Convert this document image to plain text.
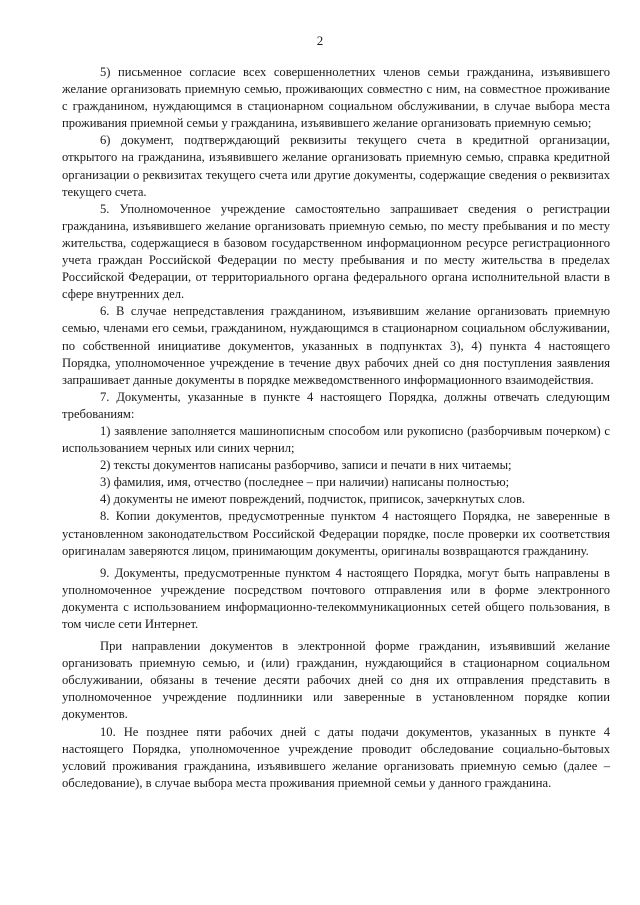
2

5) письменное согласие всех совершеннолетних членов семьи гражданина, изъявившего желание организовать приемную семью, проживающих совместно с ним, на совместное проживание с гражданином, нуждающимся в стационарном социальном обслуживании, в случае выбора места проживания приемной семьи у гражданина, изъявившего желание организовать приемную семью;

6) документ, подтверждающий реквизиты текущего счета в кредитной организации, открытого на гражданина, изъявившего желание организовать приемную семью, справка кредитной организации о реквизитах текущего счета или другие документы, содержащие сведения о реквизитах текущего счета.

5. Уполномоченное учреждение самостоятельно запрашивает сведения о регистрации гражданина, изъявившего желание организовать приемную семью, по месту пребывания и по месту жительства, содержащиеся в базовом государственном информационном ресурсе регистрационного учета граждан Российской Федерации по месту пребывания и по месту жительства в пределах Российской Федерации, от территориального органа федерального органа исполнительной власти в сфере внутренних дел.

6. В случае непредставления гражданином, изъявившим желание организовать приемную семью, членами его семьи, гражданином, нуждающимся в стационарном социальном обслуживании, по собственной инициативе документов, указанных в подпунктах 3), 4) пункта 4 настоящего Порядка, уполномоченное учреждение в течение двух рабочих дней со дня поступления заявления запрашивает данные документы в порядке межведомственного информационного взаимодействия.

7. Документы, указанные в пункте 4 настоящего Порядка, должны отвечать следующим требованиям:

1) заявление заполняется машинописным способом или рукописно (разборчивым почерком) с использованием черных или синих чернил;

2) тексты документов написаны разборчиво, записи и печати в них читаемы;

3) фамилия, имя, отчество (последнее – при наличии) написаны полностью;

4) документы не имеют повреждений, подчисток, приписок, зачеркнутых слов.

8. Копии документов, предусмотренные пунктом 4 настоящего Порядка, не заверенные в установленном законодательством Российской Федерации порядке, после проверки их соответствия оригиналам заверяются лицом, принимающим документы, оригиналы возвращаются гражданину.

9. Документы, предусмотренные пунктом 4 настоящего Порядка, могут быть направлены в уполномоченное учреждение посредством почтового отправления или в форме электронного документа с использованием информационно-телекоммуникационных сетей общего пользования, в том числе сети Интернет.

При направлении документов в электронной форме гражданин, изъявивший желание организовать приемную семью, и (или) гражданин, нуждающийся в стационарном социальном обслуживании, обязаны в течение десяти рабочих дней со дня их отправления представить в уполномоченное учреждение подлинники или заверенные в установленном порядке копии документов.

10. Не позднее пяти рабочих дней с даты подачи документов, указанных в пункте 4 настоящего Порядка, уполномоченное учреждение проводит обследование социально-бытовых условий проживания гражданина, изъявившего желание организовать приемную семью (далее – обследование), в случае выбора места проживания приемной семьи у данного гражданина.
